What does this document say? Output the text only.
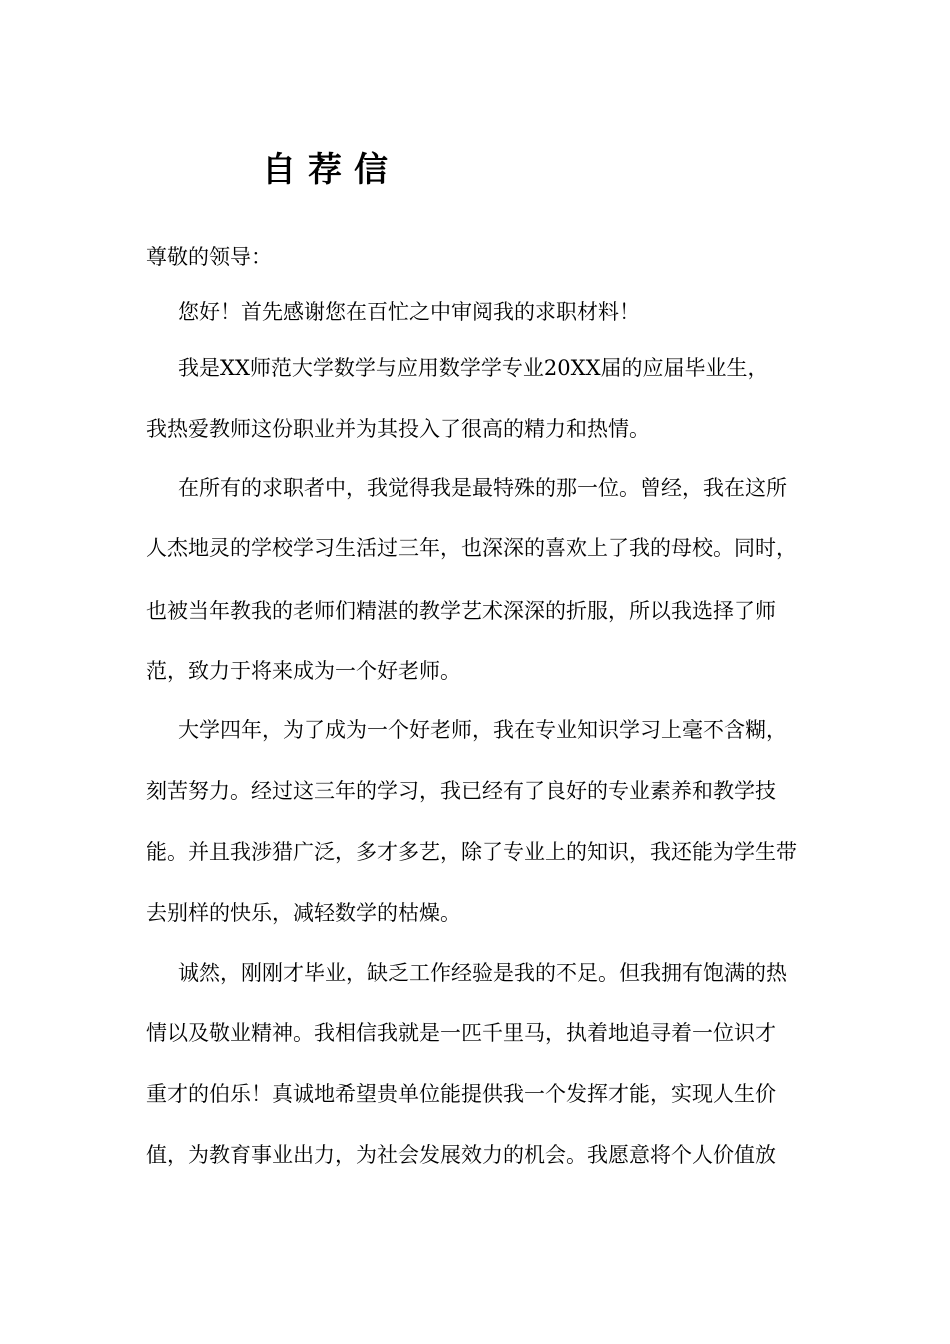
自荐信
尊敬的领导：
您好！首先感谢您在百忙之中审阅我的求职材料！
我是XX师范大学数学与应用数学学专业20XX届的应届毕业生，
我热爱教师这份职业并为其投入了很高的精力和热情。
在所有的求职者中，我觉得我是最特殊的那一位。曾经，我在这所
人杰地灵的学校学习生活过三年，也深深的喜欢上了我的母校。同时，
也被当年教我的老师们精湛的教学艺术深深的折服，所以我选择了师
范，致力于将来成为一个好老师。
大学四年，为了成为一个好老师，我在专业知识学习上毫不含糊，
刻苦努力。经过这三年的学习，我已经有了良好的专业素养和教学技
能。并且我涉猎广泛，多才多艺，除了专业上的知识，我还能为学生带
去别样的快乐，减轻数学的枯燥。
诚然，刚刚才毕业，缺乏工作经验是我的不足。但我拥有饱满的热
情以及敬业精神。我相信我就是一匹千里马，执着地追寻着一位识才
重才的伯乐！真诚地希望贵单位能提供我一个发挥才能，实现人生价
值，为教育事业出力，为社会发展效力的机会。我愿意将个人价值放
